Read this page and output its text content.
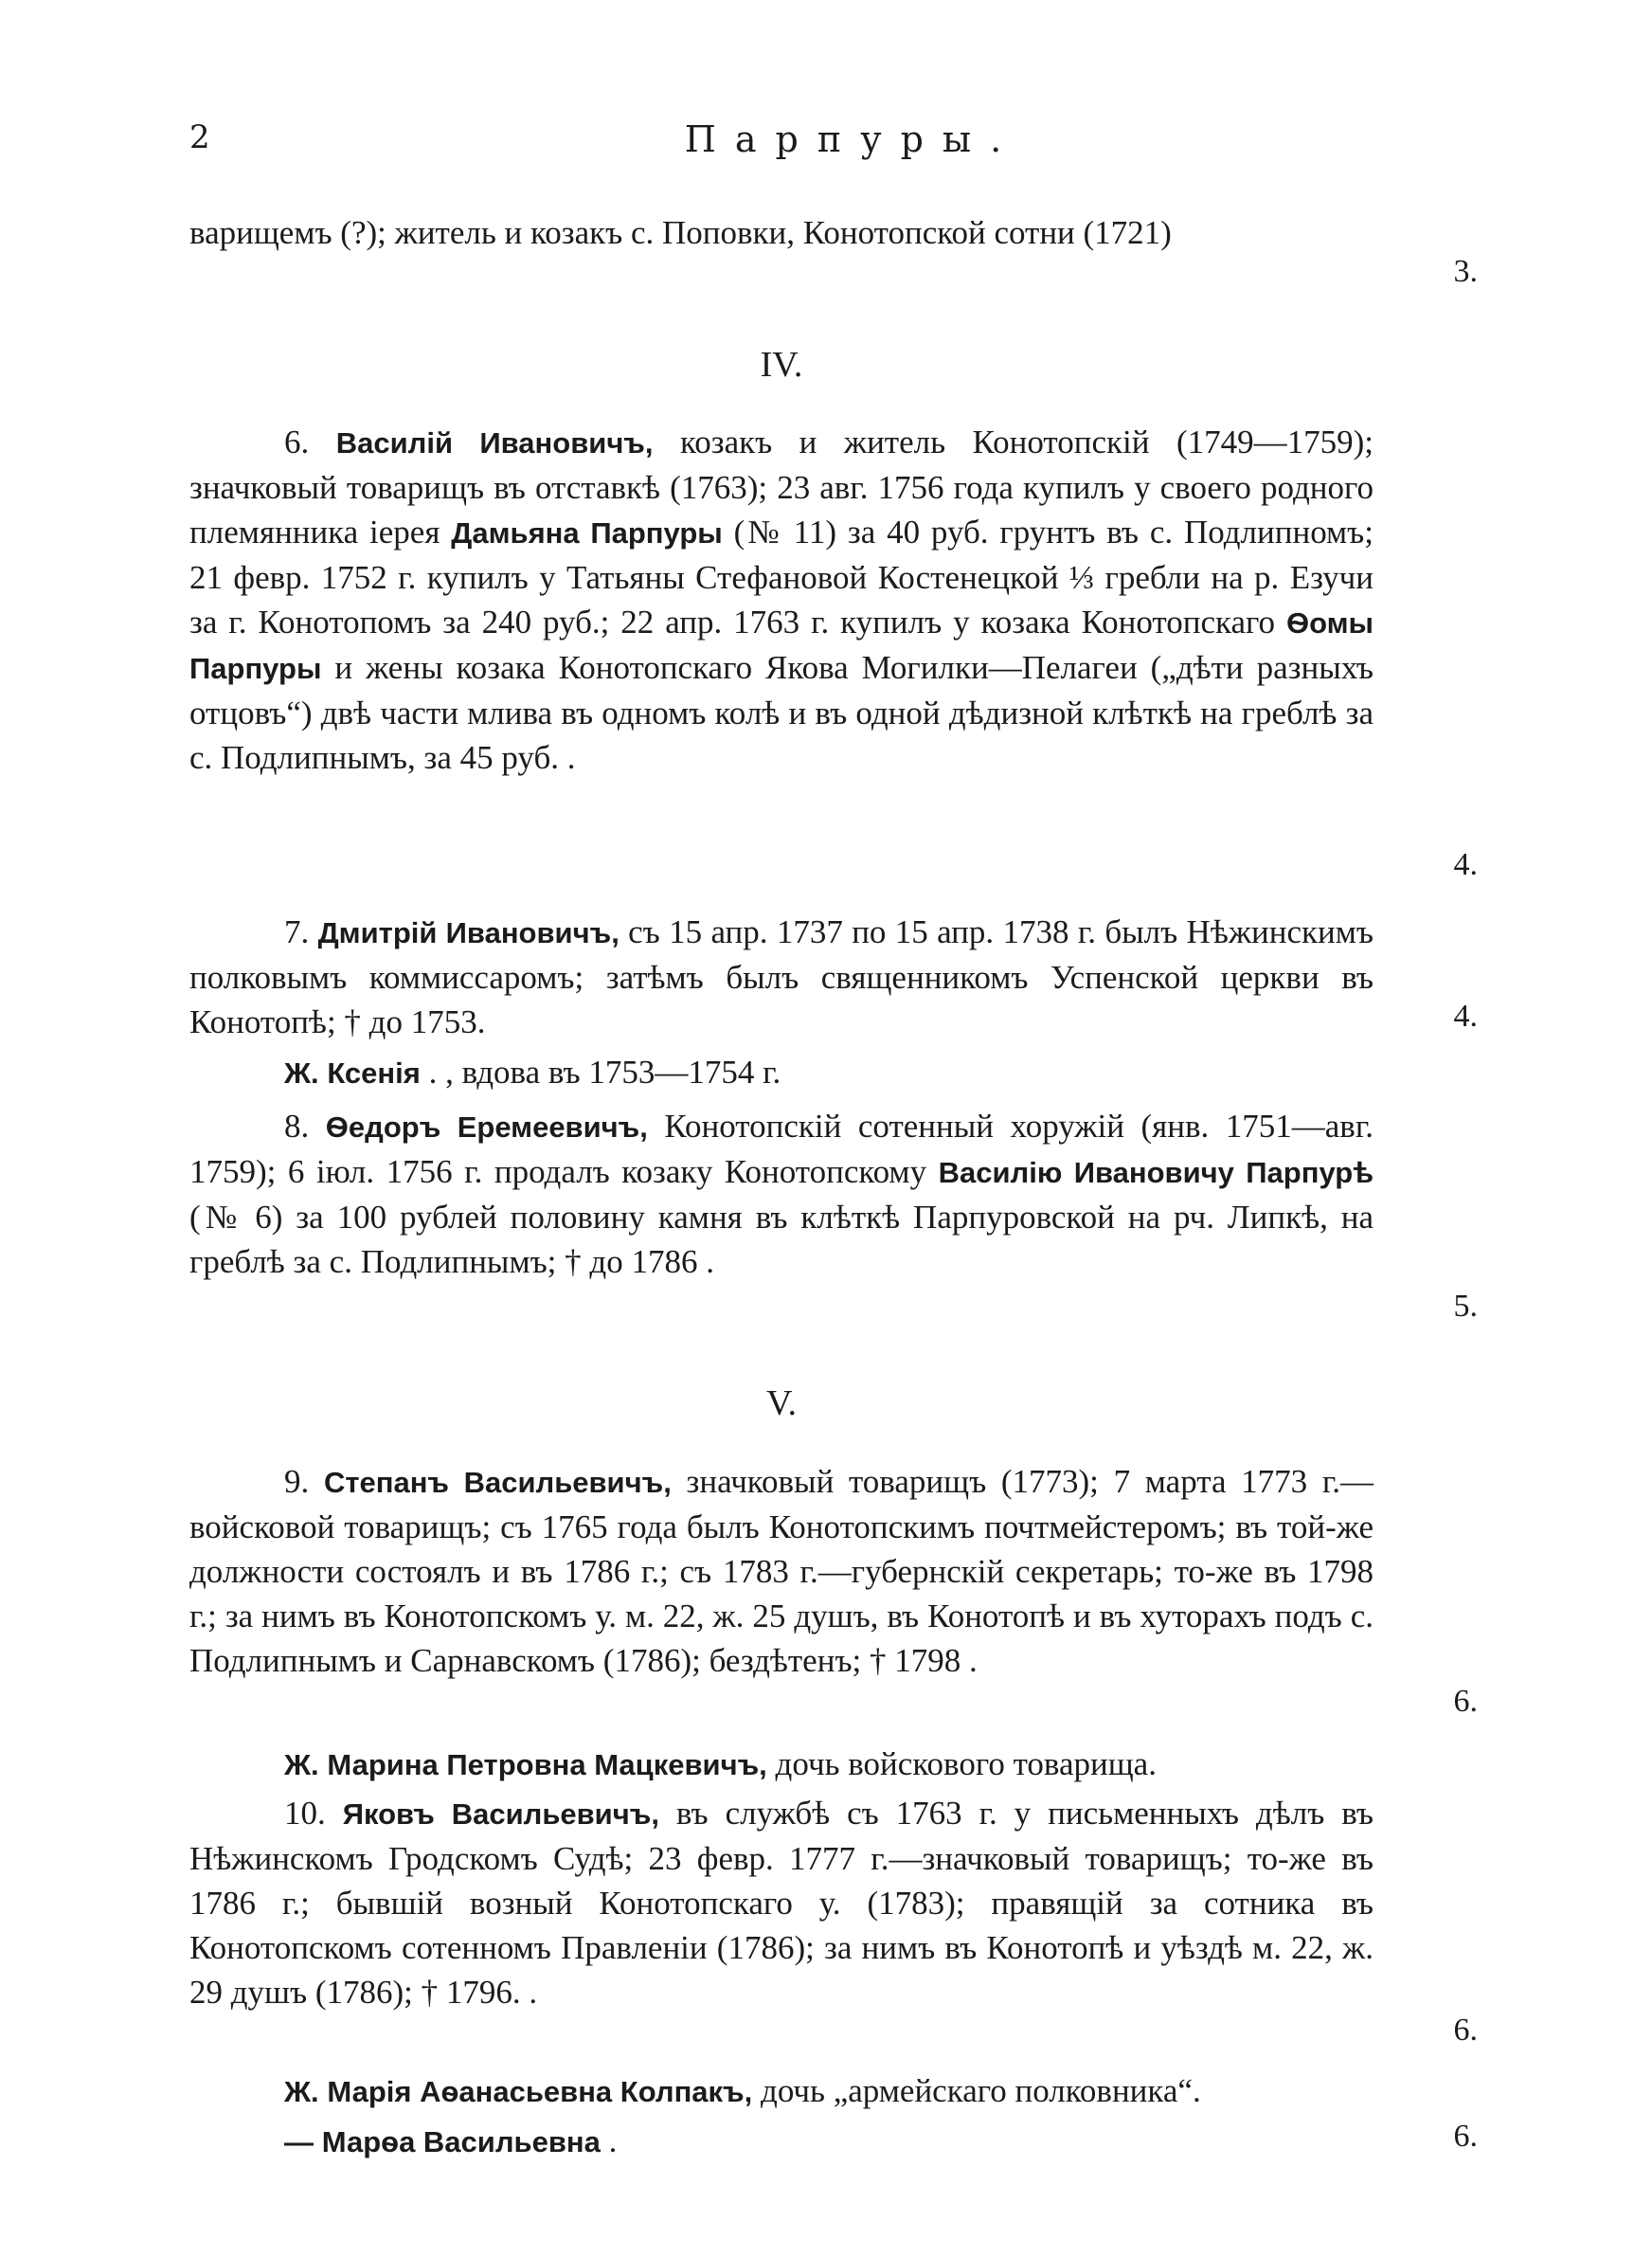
2	Парпуры.

варищемъ (?); житель и козакъ с. Поповки, Конотопской сотни (1721)

3.

IV.

6. Василій Ивановичъ, козакъ и житель Конотопскій (1749—1759); значковый товарищъ въ отставкѣ (1763); 23 авг. 1756 года купилъ у своего родного племянника іерея Дамьяна Парпуры (№ 11) за 40 руб. грунтъ въ с. Подлипномъ; 21 февр. 1752 г. купилъ у Татьяны Стефановой Костенецкой ⅓ гребли на р. Езучи за г. Конотопомъ за 240 руб.; 22 апр. 1763 г. купилъ у козака Конотопскаго Ѳомы Парпуры и жены козака Конотопскаго Якова Могилки—Пелагеи („дѣти разныхъ отцовъ“) двѣ части млива въ одномъ колѣ и въ одной дѣдизной клѣткѣ на греблѣ за с. Подлипнымъ, за 45 руб. .

4.

7. Дмитрій Ивановичъ, съ 15 апр. 1737 по 15 апр. 1738 г. былъ Нѣжинскимъ полковымъ коммиссаромъ; затѣмъ былъ священникомъ Успенской церкви въ Конотопѣ; † до 1753.	4.

Ж. Ксенія . , вдова въ 1753—1754 г.

8. Ѳедоръ Еремеевичъ, Конотопскій сотенный хоружій (янв. 1751—авг. 1759); 6 іюл. 1756 г. продалъ козаку Конотопскому Василію Ивановичу Парпурѣ (№ 6) за 100 рублей половину камня въ клѣткѣ Парпуровской на рч. Липкѣ, на греблѣ за с. Подлипнымъ; † до 1786 .

5.

V.

9. Степанъ Васильевичъ, значковый товарищъ (1773); 7 марта 1773 г.—войсковой товарищъ; съ 1765 года былъ Конотопскимъ почтмейстеромъ; въ той-же должности состоялъ и въ 1786 г.; съ 1783 г.—губернскій секретарь; то-же въ 1798 г.; за нимъ въ Конотопскомъ у. м. 22, ж. 25 душъ, въ Конотопѣ и въ хуторахъ подъ с. Подлипнымъ и Сарнавскомъ (1786); бездѣтенъ; † 1798 .

6.

Ж. Марина Петровна Мацкевичъ, дочь войскового товарища.

10. Яковъ Васильевичъ, въ службѣ съ 1763 г. у письменныхъ дѣлъ въ Нѣжинскомъ Гродскомъ Судѣ; 23 февр. 1777 г.—значковый товарищъ; то-же въ 1786 г.; бывшій возный Конотопскаго у. (1783); правящій за сотника въ Конотопскомъ сотенномъ Правленіи (1786); за нимъ въ Конотопѣ и уѣздѣ м. 22, ж. 29 душъ (1786); † 1796. .

6.

Ж. Марія Аѳанасьевна Колпакъ, дочь „армейскаго полковника“.

— Марѳа Васильевна .	6.
